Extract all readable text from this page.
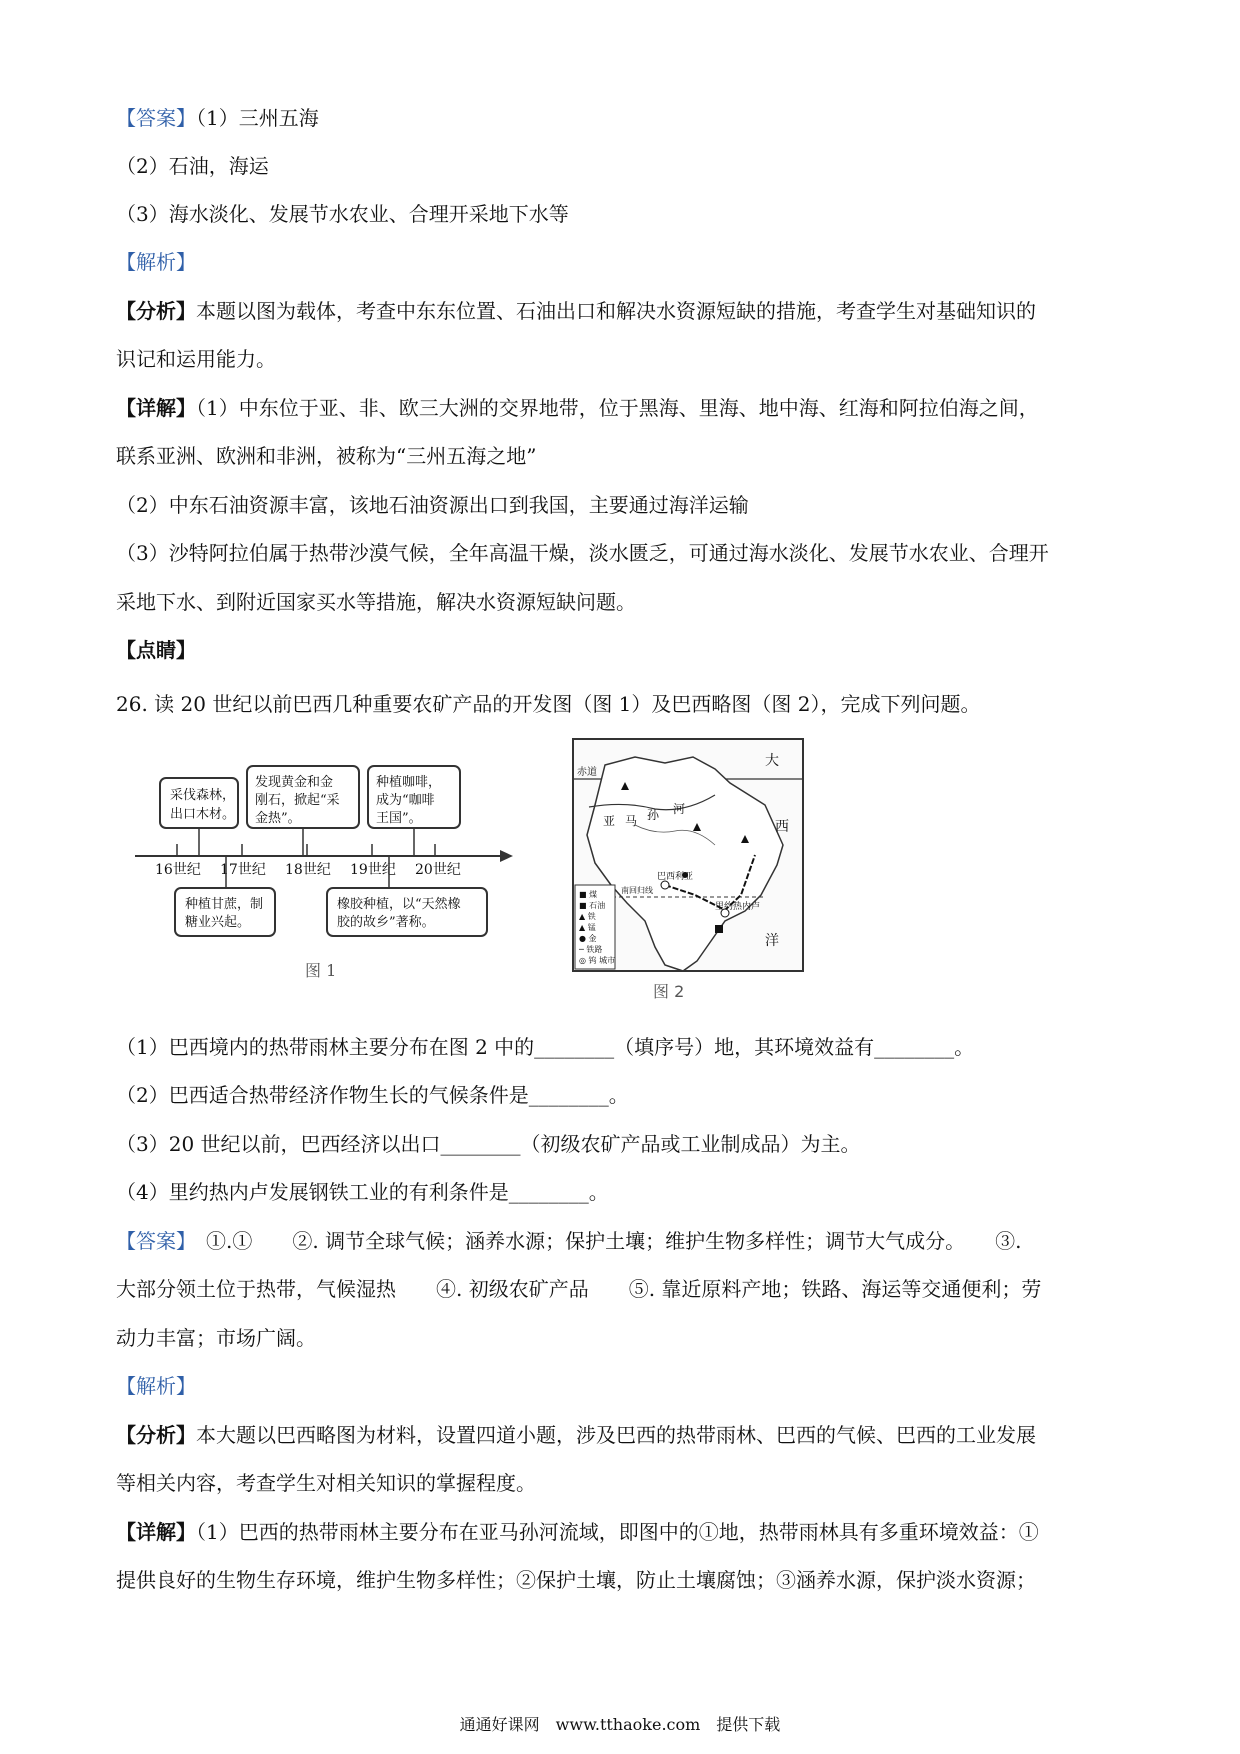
【答案】（1）三州五海
（2）石油，海运
（3）海水淡化、发展节水农业、合理开采地下水等
【解析】
【分析】本题以图为载体，考查中东东位置、石油出口和解决水资源短缺的措施，考查学生对基础知识的
识记和运用能力。
【详解】（1）中东位于亚、非、欧三大洲的交界地带，位于黑海、里海、地中海、红海和阿拉伯海之间，
联系亚洲、欧洲和非洲，被称为“三州五海之地”
（2）中东石油资源丰富，该地石油资源出口到我国，主要通过海洋运输
（3）沙特阿拉伯属于热带沙漠气候，全年高温干燥，淡水匮乏，可通过海水淡化、发展节水农业、合理开
采地下水、到附近国家买水等措施，解决水资源短缺问题。
【点睛】
26. 读 20 世纪以前巴西几种重要农矿产品的开发图（图 1）及巴西略图（图 2），完成下列问题。
采伐森林，
出口木材。
发现黄金和金
刚石，掀起“采
金热”。
种植咖啡，
成为“咖啡
王国”。
16世纪 17世纪 18世纪 19世纪 20世纪
种植甘蔗，制
糖业兴起。
橡胶种植，以“天然橡
胶的故乡”著称。
图 1
赤道
大
西
洋
亚 马 孙 河
巴西利亚
南回归线
里约热内卢
■ 煤
■ 石油
▲ 铁
▲ 锰
● 金
─ 铁路
◎ 钨 城市
图 2
（1）巴西境内的热带雨林主要分布在图 2 中的________（填序号）地，其环境效益有________。
（2）巴西适合热带经济作物生长的气候条件是________。
（3）20 世纪以前，巴西经济以出口________（初级农矿产品或工业制成品）为主。
（4）里约热内卢发展钢铁工业的有利条件是________。
【答案】　 ①.①　　②. 调节全球气候；涵养水源；保护土壤；维护生物多样性；调节大气成分。　　③.
大部分领土位于热带，气候湿热　　④. 初级农矿产品　　⑤. 靠近原料产地；铁路、海运等交通便利；劳
动力丰富；市场广阔。
【解析】
【分析】本大题以巴西略图为材料，设置四道小题，涉及巴西的热带雨林、巴西的气候、巴西的工业发展
等相关内容，考查学生对相关知识的掌握程度。
【详解】（1）巴西的热带雨林主要分布在亚马孙河流域，即图中的①地，热带雨林具有多重环境效益：①
提供良好的生物生存环境，维护生物多样性；②保护土壤，防止土壤腐蚀；③涵养水源，保护淡水资源；
通通好课网　www.tthaoke.com　提供下载
